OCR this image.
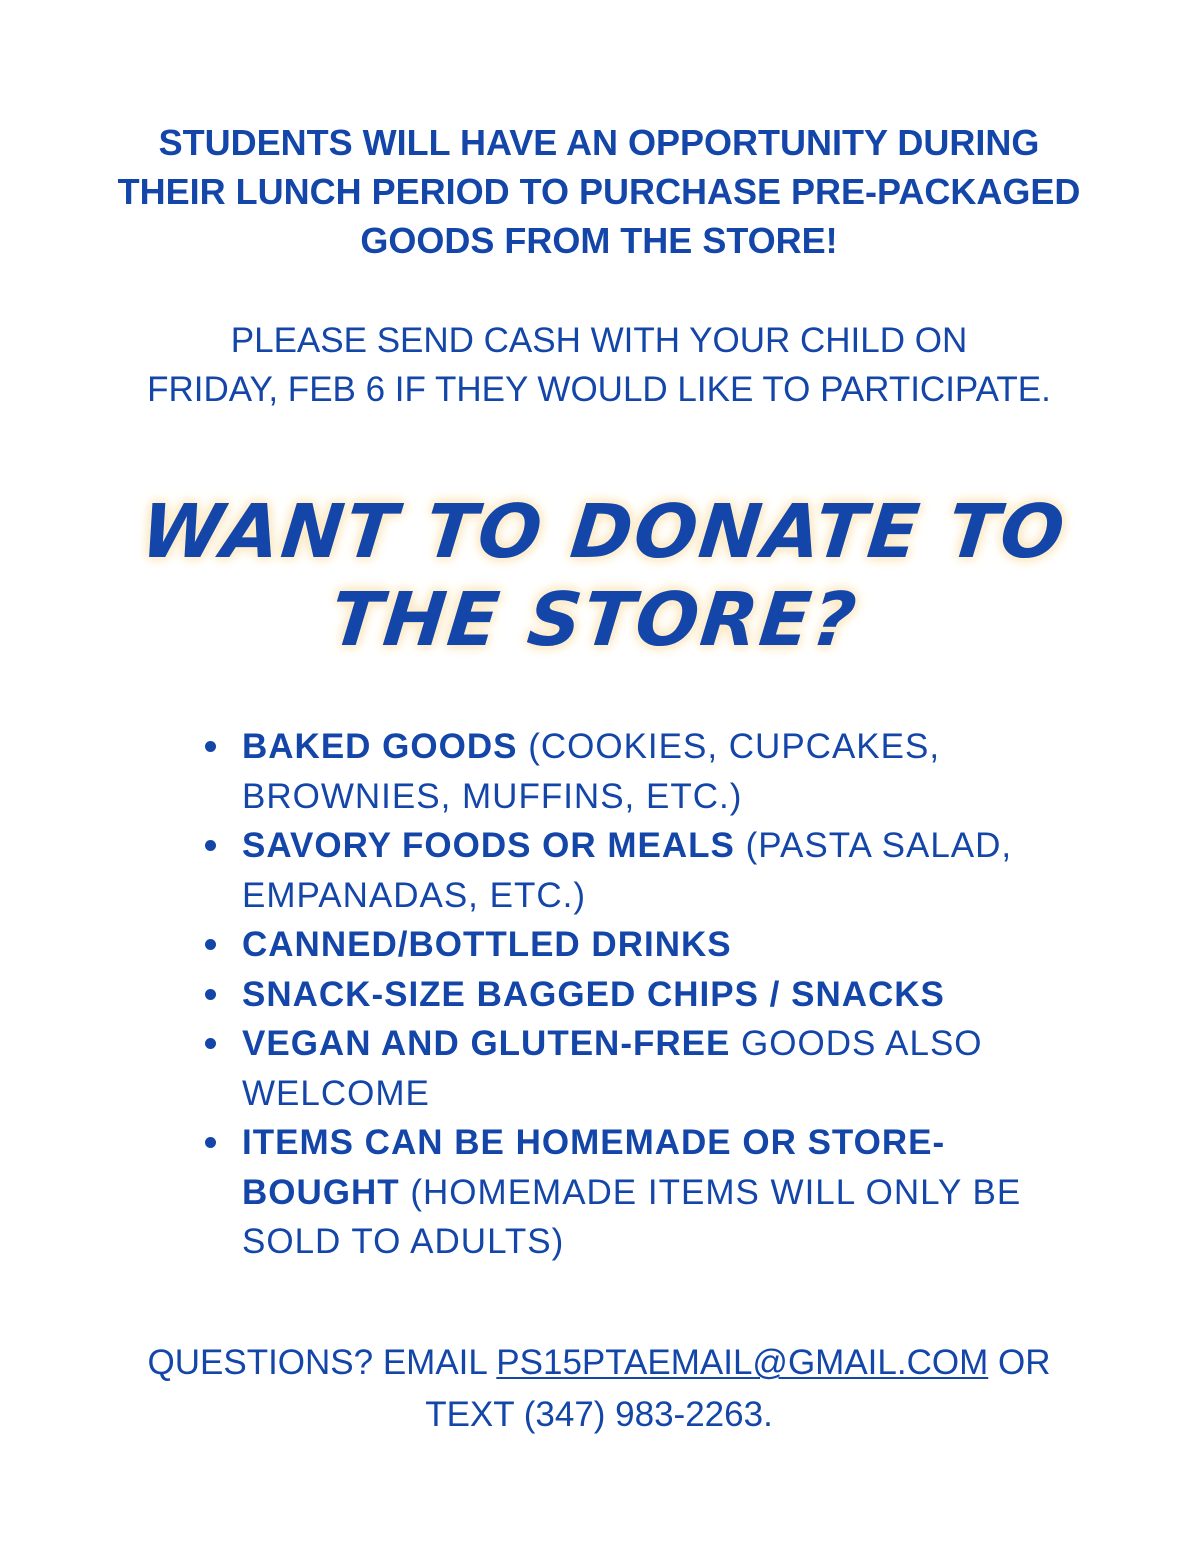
STUDENTS WILL HAVE AN OPPORTUNITY DURING
THEIR LUNCH PERIOD TO PURCHASE PRE-PACKAGED
GOODS FROM THE STORE!
PLEASE SEND CASH WITH YOUR CHILD ON
FRIDAY, FEB 6 IF THEY WOULD LIKE TO PARTICIPATE.
WANT TO DONATE TO
THE STORE?
BAKED GOODS (COOKIES, CUPCAKES, BROWNIES, MUFFINS, ETC.)
SAVORY FOODS OR MEALS (PASTA SALAD, EMPANADAS, ETC.)
CANNED/BOTTLED DRINKS
SNACK-SIZE BAGGED CHIPS / SNACKS
VEGAN AND GLUTEN-FREE GOODS ALSO WELCOME
ITEMS CAN BE HOMEMADE OR STORE-BOUGHT (HOMEMADE ITEMS WILL ONLY BE SOLD TO ADULTS)
QUESTIONS? EMAIL PS15PTAEMAIL@GMAIL.COM OR
TEXT (347) 983-2263.
